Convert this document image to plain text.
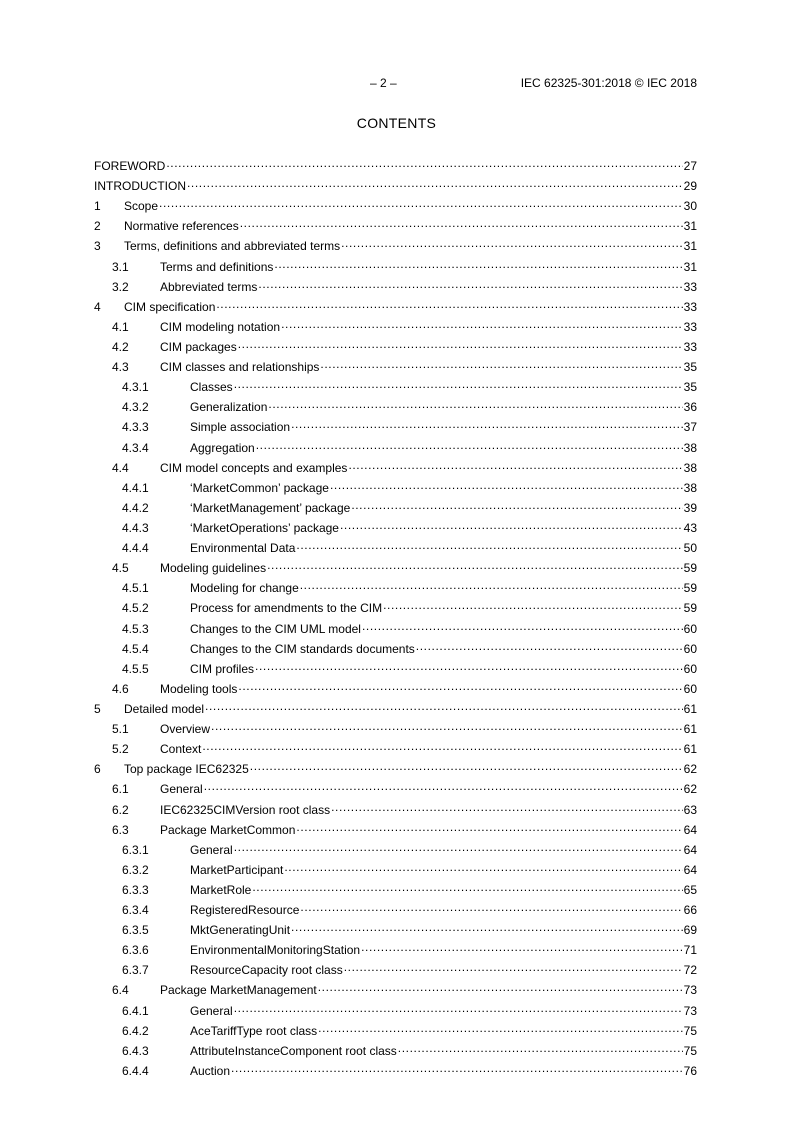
– 2 –	IEC 62325-301:2018 © IEC 2018
CONTENTS
FOREWORD .....	27
INTRODUCTION .....	29
1	Scope .....	30
2	Normative references .....	31
3	Terms, definitions and abbreviated terms .....	31
3.1	Terms and definitions .....	31
3.2	Abbreviated terms .....	33
4	CIM specification .....	33
4.1	CIM modeling notation .....	33
4.2	CIM packages .....	33
4.3	CIM classes and relationships .....	35
4.3.1	Classes .....	35
4.3.2	Generalization .....	36
4.3.3	Simple association .....	37
4.3.4	Aggregation .....	38
4.4	CIM model concepts and examples .....	38
4.4.1	‘MarketCommon’ package .....	38
4.4.2	‘MarketManagement’ package .....	39
4.4.3	‘MarketOperations’ package .....	43
4.4.4	Environmental Data .....	50
4.5	Modeling guidelines .....	59
4.5.1	Modeling for change .....	59
4.5.2	Process for amendments to the CIM .....	59
4.5.3	Changes to the CIM UML model .....	60
4.5.4	Changes to the CIM standards documents .....	60
4.5.5	CIM profiles .....	60
4.6	Modeling tools .....	60
5	Detailed model .....	61
5.1	Overview .....	61
5.2	Context .....	61
6	Top package IEC62325 .....	62
6.1	General .....	62
6.2	IEC62325CIMVersion root class .....	63
6.3	Package MarketCommon .....	64
6.3.1	General .....	64
6.3.2	MarketParticipant .....	64
6.3.3	MarketRole .....	65
6.3.4	RegisteredResource .....	66
6.3.5	MktGeneratingUnit .....	69
6.3.6	EnvironmentalMonitoringStation .....	71
6.3.7	ResourceCapacity root class .....	72
6.4	Package MarketManagement .....	73
6.4.1	General .....	73
6.4.2	AceTariffType root class .....	75
6.4.3	AttributeInstanceComponent root class .....	75
6.4.4	Auction .....	76
